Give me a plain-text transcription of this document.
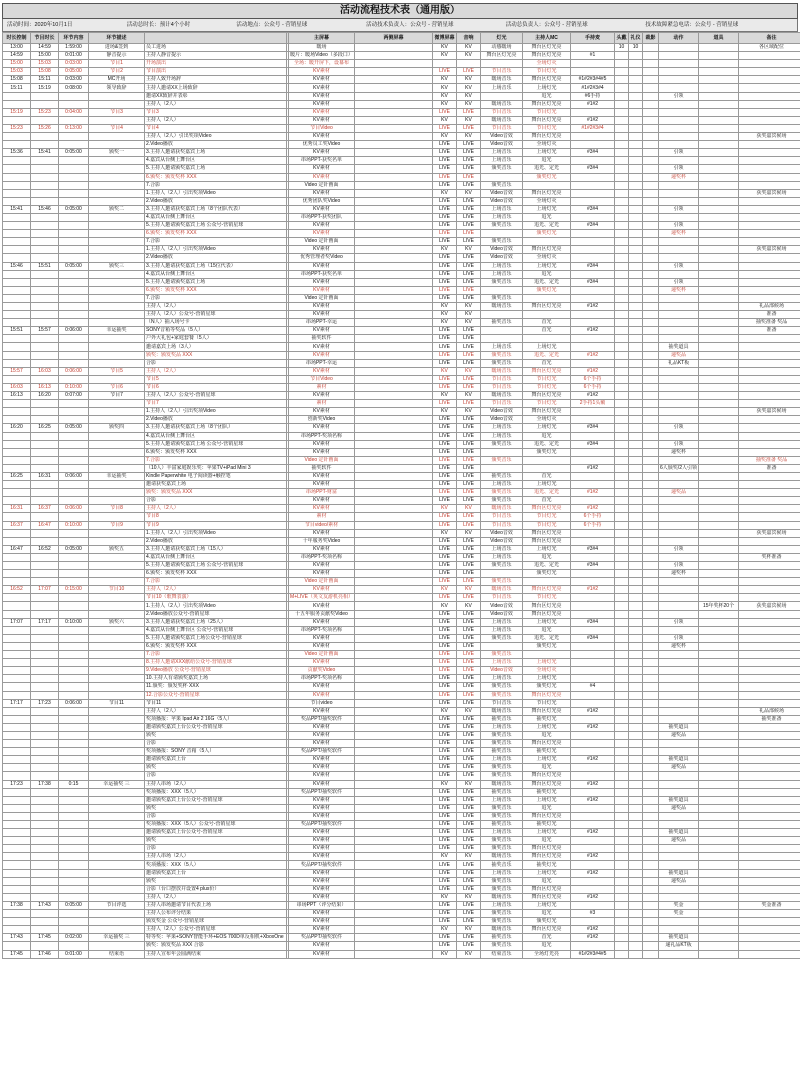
活动流程技术表（通用版）
活动时间：2020年10月1日	活动总时长：预计4个小时	活动地点：公众号 - 营销星球	活动技术负责人：公众号 - 营销星球	活动总负责人：公众号 - 营销星球	技术故障紧急电话：公众号 - 营销星球
时长控制	节目时长	环节内容	环节描述			主屏幕	两侧屏幕	微博屏幕	音响	灯光	主持人MC	手持麦	头戴	礼仪	裁影	动作	道具	备注
13:00	14:59	1:59:00	进场&签到	员工进场		暖场		KV	KV	动感暖场	舞台区灯光亮		10	10				各区域配位
14:59	15:00	0:01:00	静音提示	主持人静音提示		暖片：暖场Video（多段口）		KV	KV	舞台区灯光亮	舞台区灯光亮	#1						
15:00	15:03	0:03:00	节目1	开场演出		全场：暖开屏下，设幕布					全场灯灭							
15:03	15:08	0:05:00	节目2	节目演出		KV素材		LIVE	LIVE	节目音乐	节目灯光							
15:08	15:11	0:03:00	MC开场	主持人致开场辞		KV素材		KV	KV	暖场音乐	舞台区灯光亮	#1#2#3#4#5						
15:11	15:19	0:08:00	领导致辞	主持人邀请XX上场致辞		KV素材		KV	KV	上场音乐	上场灯光	#1#2#3#4						
				邀请XX致辞并表彰		KV素材		KV	KV		追光	#6手持				引领		
				主持人（2人）		KV素材		KV	KV	暖场音乐	舞台区灯光亮	#1#2						
15:19	15:23	0:04:00	节目3	节目3		KV素材		LIVE	LIVE	节目音乐	节目灯光							
				主持人（2人）		KV素材		KV	KV	暖场音乐	舞台区灯光亮	#1#2						
15:23	15:26	0:13:00	节目4	节目4		节目Video		LIVE	LIVE	节目音乐	节目灯光	#1#2#3#4						
				主持人（2人）引出奖项Video		KV素材		KV	KV	Video音效	舞台区灯光亮							获奖嘉宾候场
				2.Video播放		优秀员工奖Video		LIVE	LIVE	Video音效	全场灯灭							
15:36	15:41	0:05:00	颁奖一	3.主持人邀请获奖嘉宾上场		KV素材		LIVE	LIVE	上场音乐	上场灯光	#3#4				引领		
				4.嘉宾从台侧上舞台区		串场PPT-获奖名单		LIVE	LIVE	上场音乐	追光							
				5.主持人邀请颁奖嘉宾上场		KV素材		LIVE	LIVE	颁奖音乐	追光、定光	#3#4				引领		
				6.颁奖：颁发奖杯 XXX		KV素材		LIVE	LIVE		颁奖灯光					递奖杯		
				7.合影		Video 定针画面		LIVE	LIVE	颁奖音乐								
				1.主持人（2人）引出奖项Video		KV素材		KV	KV	Video音效	舞台区灯光亮							获奖嘉宾候场
				2.Video播放		优秀团队奖Video		LIVE	LIVE	Video音效	全场灯灭							
15:41	15:46	0:05:00	颁奖二	3.主持人邀请获奖嘉宾上场（8个团队代表）		KV素材		LIVE	LIVE	上场音乐	上场灯光	#3#4				引领		
				4.嘉宾从台侧上舞台区		串场PPT-获奖团队		LIVE	LIVE	上场音乐	追光							
				5.主持人邀请颁奖嘉宾上场 公众号-营销星球		KV素材		LIVE	LIVE	颁奖音乐	追光、定光	#3#4				引领		
				6.颁奖：颁发奖杯 XXX		KV素材		LIVE	LIVE		颁奖灯光					递奖杯		
				7.合影		Video 定针画面		LIVE	LIVE	颁奖音乐								
				1.主持人（2人）引出奖项Video		KV素材		KV	KV	Video音效	舞台区灯光亮							获奖嘉宾候场
				2.Video播放		优秀管理者奖Video		LIVE	LIVE	Video音效	全场灯灭							
15:46	15:51	0:05:00	颁奖三	3.主持人邀请获奖嘉宾上场（15位代表）		KV素材		LIVE	LIVE	上场音乐	上场灯光	#3#4				引领		
				4.嘉宾从台侧上舞台区		串场PPT-获奖名单		LIVE	LIVE	上场音乐	追光							
				5.主持人邀请颁奖嘉宾上场		KV素材		LIVE	LIVE	颁奖音乐	追光、定光	#3#4				引领		
				6.颁奖：颁发奖杯 XXX		KV素材		LIVE	LIVE		颁奖灯光					递奖杯		
				7.合影		Video 定针画面		LIVE	LIVE	颁奖音乐								
				主持人（2人）		KV素材		KV	KV	暖场音乐	舞台区灯光亮	#1#2						礼品部候场
				主持人（2人）公众号-营销星球		KV素材		KV	KV									准备
				（N人）抽入场号卡		串场PPT-幸运		KV	KV	抽奖音乐	首光							抽奖准备 奖品
15:51	15:57	0:06:00	幸运抽奖	SONY音箱等奖品（5人）		KV素材		LIVE	LIVE		首光	#1#2						准备
				户外大礼包+家庭套餐（5人）		抽奖软件		LIVE	LIVE									
				邀请嘉宾上场（3人）		KV素材		LIVE	LIVE	上场音乐	上场灯光					抽奖道具		
				颁奖：颁发奖品 XXX		KV素材		LIVE	LIVE	颁奖音乐	追光、定光	#1#2				递奖品		
				合影		串场PPT-幸运		LIVE	LIVE	颁奖音乐	首光					礼品KT板		
15:57	16:03	0:06:00	节目5	主持人（2人）		KV素材		KV	KV	暖场音乐	舞台区灯光亮	#1#2						
				节目5		节目Video		LIVE	LIVE	节目音乐	节目灯光	6个手持						
16:03	16:13	0:10:00	节目6	节目6		素材		LIVE	LIVE	节目音乐	节目灯光	6个手持						
16:13	16:20	0:07:00	节目7	主持人（2人）公众号-营销星球		KV素材		KV	KV	暖场音乐	舞台区灯光亮	#1#2						
				节目7		素材		LIVE	LIVE	节目音乐	节目灯光	2手持1头戴						
				1.主持人（2人）引出奖项Video		KV素材		KV	KV	Video音效	舞台区灯光亮							获奖嘉宾候场
				2.Video播放		创新奖Video		LIVE	LIVE	Video音效	全场灯灭							
16:20	16:25	0:05:00	颁奖四	3.主持人邀请获奖嘉宾上场（8个团队）		KV素材		LIVE	LIVE	上场音乐	上场灯光	#3#4				引领		
				4.嘉宾从台侧上舞台区		串场PPT-奖项名称		LIVE	LIVE	上场音乐	追光							
				5.主持人邀请颁奖嘉宾上场 公众号-营销星球		KV素材		LIVE	LIVE	颁奖音乐	追光、定光	#3#4				引领		
				6.颁奖：颁发奖杯 XXX		KV素材		LIVE	LIVE		颁奖灯光					递奖杯		
				7.合影		Video 定针画面		LIVE	LIVE	颁奖音乐								抽奖准备 奖品
				（10人）丰富家庭娱乐奖：苹果TV+iPad Mini 3		抽奖软件		LIVE	LIVE			#1#2				6人颁奖/2人引领		准备
16:25	16:31	0:06:00	幸运抽奖	Kindle Paperwhite 电子阅读器+触控笔		KV素材		LIVE	LIVE	抽奖音乐	首光							
				邀请获奖嘉宾上场		KV素材		LIVE	LIVE	上场音乐	上场灯光							
				颁奖：颁发奖品 XXX		串场PPT-财富		LIVE	LIVE	颁奖音乐	追光、定光	#1#2				递奖品		
				合影		KV素材		LIVE	LIVE	颁奖音乐	首光							
16:31	16:37	0:06:00	节目8	主持人（2人）		KV素材		KV	KV	暖场音乐	舞台区灯光亮	#1#2						
				节目8		素材		LIVE	LIVE	节目音乐	节目灯光	6个手持						
16:37	16:47	0:10:00	节目9	节目9		节目video/素材		LIVE	LIVE	节目音乐	节目灯光	6个手持						
				1.主持人（2人）引出奖项Video		KV素材		KV	KV	Video音效	舞台区灯光亮							获奖嘉宾候场
				2.Video播放		十年服务奖Video		LIVE	LIVE	Video音效	舞台区灯光亮							
16:47	16:52	0:05:00	颁奖五	3.主持人邀请获奖嘉宾上场（15人）		KV素材		LIVE	LIVE	上场音乐	上场灯光	#3#4				引领		
				4.嘉宾从台侧上舞台区		串场PPT-奖项名称		LIVE	LIVE	上场音乐	追光							奖杯准备
				5.主持人邀请颁奖嘉宾上场 公众号-营销星球		KV素材		LIVE	LIVE	颁奖音乐	追光、定光	#3#4				引领		
				6.颁奖：颁发奖杯 XXX		KV素材		LIVE	LIVE		颁奖灯光					递奖杯		
				7.合影		Video 定针画面		LIVE	LIVE	颁奖音乐								
16:52	17:07	0:15:00	节目10	主持人（2人）		KV素材		KV	KV	暖场音乐	舞台区灯光亮	#1#2						
				节目10（歌舞表演）		M+LIVE（英文友游机亮相）		LIVE	LIVE	节目音乐	节目灯光							
				1.主持人（2人）引出奖项Video		KV素材		KV	KV	Video音效	舞台区灯光亮						15年奖杯20个	获奖嘉宾候场
				2.Video播放公众号-营销星球		十五年服务贡献奖Video		LIVE	LIVE	Video音效	舞台区灯光亮							
17:07	17:17	0:10:00	颁奖六	3.主持人邀请获奖嘉宾上场（25人）		KV素材		LIVE	LIVE	上场音乐	上场灯光	#3#4				引领		
				4.嘉宾从台侧上舞台区 公众号-营销星球		串场PPT-奖项名称		LIVE	LIVE	上场音乐	追光							
				5.主持人邀请颁奖嘉宾上场公众号-营销星球		KV素材		LIVE	LIVE	颁奖音乐	追光、定光	#3#4				引领		
				6.颁奖：颁发奖杯 XXX		KV素材		LIVE	LIVE		颁奖灯光					递奖杯		
				7.合影		Video 定针画面		LIVE	LIVE	颁奖音乐								
				8.主持人邀请XXX献给公众号-营销星球		KV素材		LIVE	LIVE	上场音乐	上场灯光							
				9.Video播放 公众号-营销星球		贡献奖Video		LIVE	LIVE	Video音效	全场灯灭							
				10.主持人有请颁奖嘉宾上场		串场PPT-奖项名称		LIVE	LIVE	上场音乐	上场灯光							
				11.颁奖：颁发奖杯 XXX		KV素材		LIVE	LIVE	颁奖音乐	颁奖灯光	#4						
				12.合影公众号-营销星球		KV素材		LIVE	LIVE	颁奖音乐	舞台区灯光亮							
17:17	17:23	0:06:00	节目11	节目11		节目video		LIVE	LIVE	节目音乐	节目灯光							
				主持人（2人）		KV素材		KV	KV	暖场音乐	舞台区灯光亮	#1#2						礼品部候场
				奖项播报：苹果 Ipad Air 2 16G（5人）		奖品PPT/抽奖软件		LIVE	LIVE	抽奖音乐	抽奖灯光							抽奖准备
				邀请颁奖嘉宾上台公众号-营销星球		KV素材		LIVE	LIVE	上场音乐	上场灯光	#1#2				抽奖道具		
				颁奖		KV素材		LIVE	LIVE	颁奖音乐	追光					递奖品		
				合影		KV素材		LIVE	LIVE	颁奖音乐	舞台区灯光亮							
				奖项播报：SONY 音箱（5人）		奖品PPT/抽奖软件		LIVE	LIVE	抽奖音乐	抽奖灯光							
				邀请颁奖嘉宾上台		KV素材		LIVE	LIVE	上场音乐	上场灯光	#1#2				抽奖道具		
				颁奖		KV素材		LIVE	LIVE	颁奖音乐	追光					递奖品		
				合影		KV素材		LIVE	LIVE	颁奖音乐	舞台区灯光亮							
17:23	17:38	0:15	幸运抽奖 三	主持人串场（2人）		KV素材		KV	KV	暖场音乐	舞台区灯光亮	#1#2						
				奖项播报：XXX（5人）		奖品PPT/抽奖软件		LIVE	LIVE	抽奖音乐	抽奖灯光							
				邀请颁奖嘉宾上台公众号-营销星球		KV素材		LIVE	LIVE	上场音乐	上场灯光	#1#2				抽奖道具		
				颁奖		KV素材		LIVE	LIVE	颁奖音乐	追光					递奖品		
				合影		KV素材		LIVE	LIVE	颁奖音乐	舞台区灯光亮							
				奖项播报：XXX（5人）公众号-营销星球		奖品PPT/抽奖软件		LIVE	LIVE	抽奖音乐	抽奖灯光							
				邀请颁奖嘉宾上台公众号-营销星球		KV素材		LIVE	LIVE	上场音乐	上场灯光	#1#2				抽奖道具		
				颁奖		KV素材		LIVE	LIVE	颁奖音乐	追光					递奖品		
				合影		KV素材		LIVE	LIVE	颁奖音乐	舞台区灯光亮							
				主持人串场（2人）		KV素材		KV	KV	暖场音乐	舞台区灯光亮	#1#2						
				奖项播报：XXX（5人）		奖品PPT/抽奖软件		LIVE	LIVE	抽奖音乐	抽奖灯光							
				邀请颁奖嘉宾上台		KV素材		LIVE	LIVE	上场音乐	上场灯光	#1#2				抽奖道具		
				颁奖		KV素材		LIVE	LIVE	颁奖音乐	追光					递奖品		
				合影（台口摆放并设置4 plus价）		KV素材		LIVE	LIVE	颁奖音乐	舞台区灯光亮							
				主持人（2人）		KV素材		KV	KV	暖场音乐	舞台区灯光亮	#1#2						
17:38	17:43	0:05:00	节目评选	主持人串场邀请节目代表上场		串场PPT（评分结果）		LIVE	LIVE	上场音乐	上场灯光					奖金		奖金准备
				主持人公布评分结果		KV素材		LIVE	LIVE	颁奖音乐	追光	#3				奖金		
				颁发奖金 公众号-营销星球		KV素材		LIVE	LIVE	颁奖音乐	颁奖灯光							
				主持人（2人）公众号-营销星球		KV素材		KV	KV	暖场音乐	舞台区灯光亮	#1#2						
17:43	17:45	0:02:00	幸运抽奖 三	特等奖：苹果+SONY智能手环+EOS 700D单反相机+XboxOne		奖品PPT/抽奖软件		LIVE	LIVE	抽奖音乐	首光	#1#2				抽奖道具		
				颁奖：颁发奖品 XXX 合影		KV素材		LIVE	LIVE	颁奖音乐	追光					递礼品KT板		
17:45	17:46	0:01:00	结束语	主持人宣布年会圆满结束		KV素材		KV	KV	结束音乐	全场灯光亮	#1#2#3#4#5						
